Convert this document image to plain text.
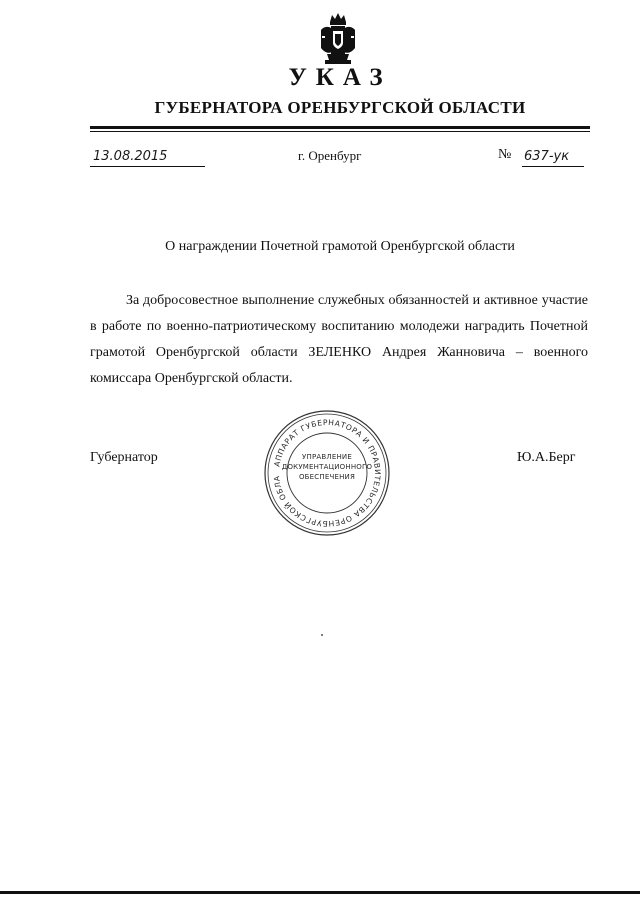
УКАЗ
ГУБЕРНАТОРА ОРЕНБУРГСКОЙ ОБЛАСТИ
13.08.2015	г. Оренбург	№ 637-ук
О награждении Почетной грамотой Оренбургской области
За добросовестное выполнение служебных обязанностей и активное участие в работе по военно-патриотическому воспитанию молодежи наградить Почетной грамотой Оренбургской области ЗЕЛЕНКО Андрея Жанновича – военного комиссара Оренбургской области.
Губернатор	Ю.А.Берг
АППАРАТ ГУБЕРНАТОРА И ПРАВИТЕЛЬСТВА ОРЕНБУРГСКОЙ ОБЛА
УПРАВЛЕНИЕ ДОКУМЕНТАЦИОННОГО ОБЕСПЕЧЕНИЯ
